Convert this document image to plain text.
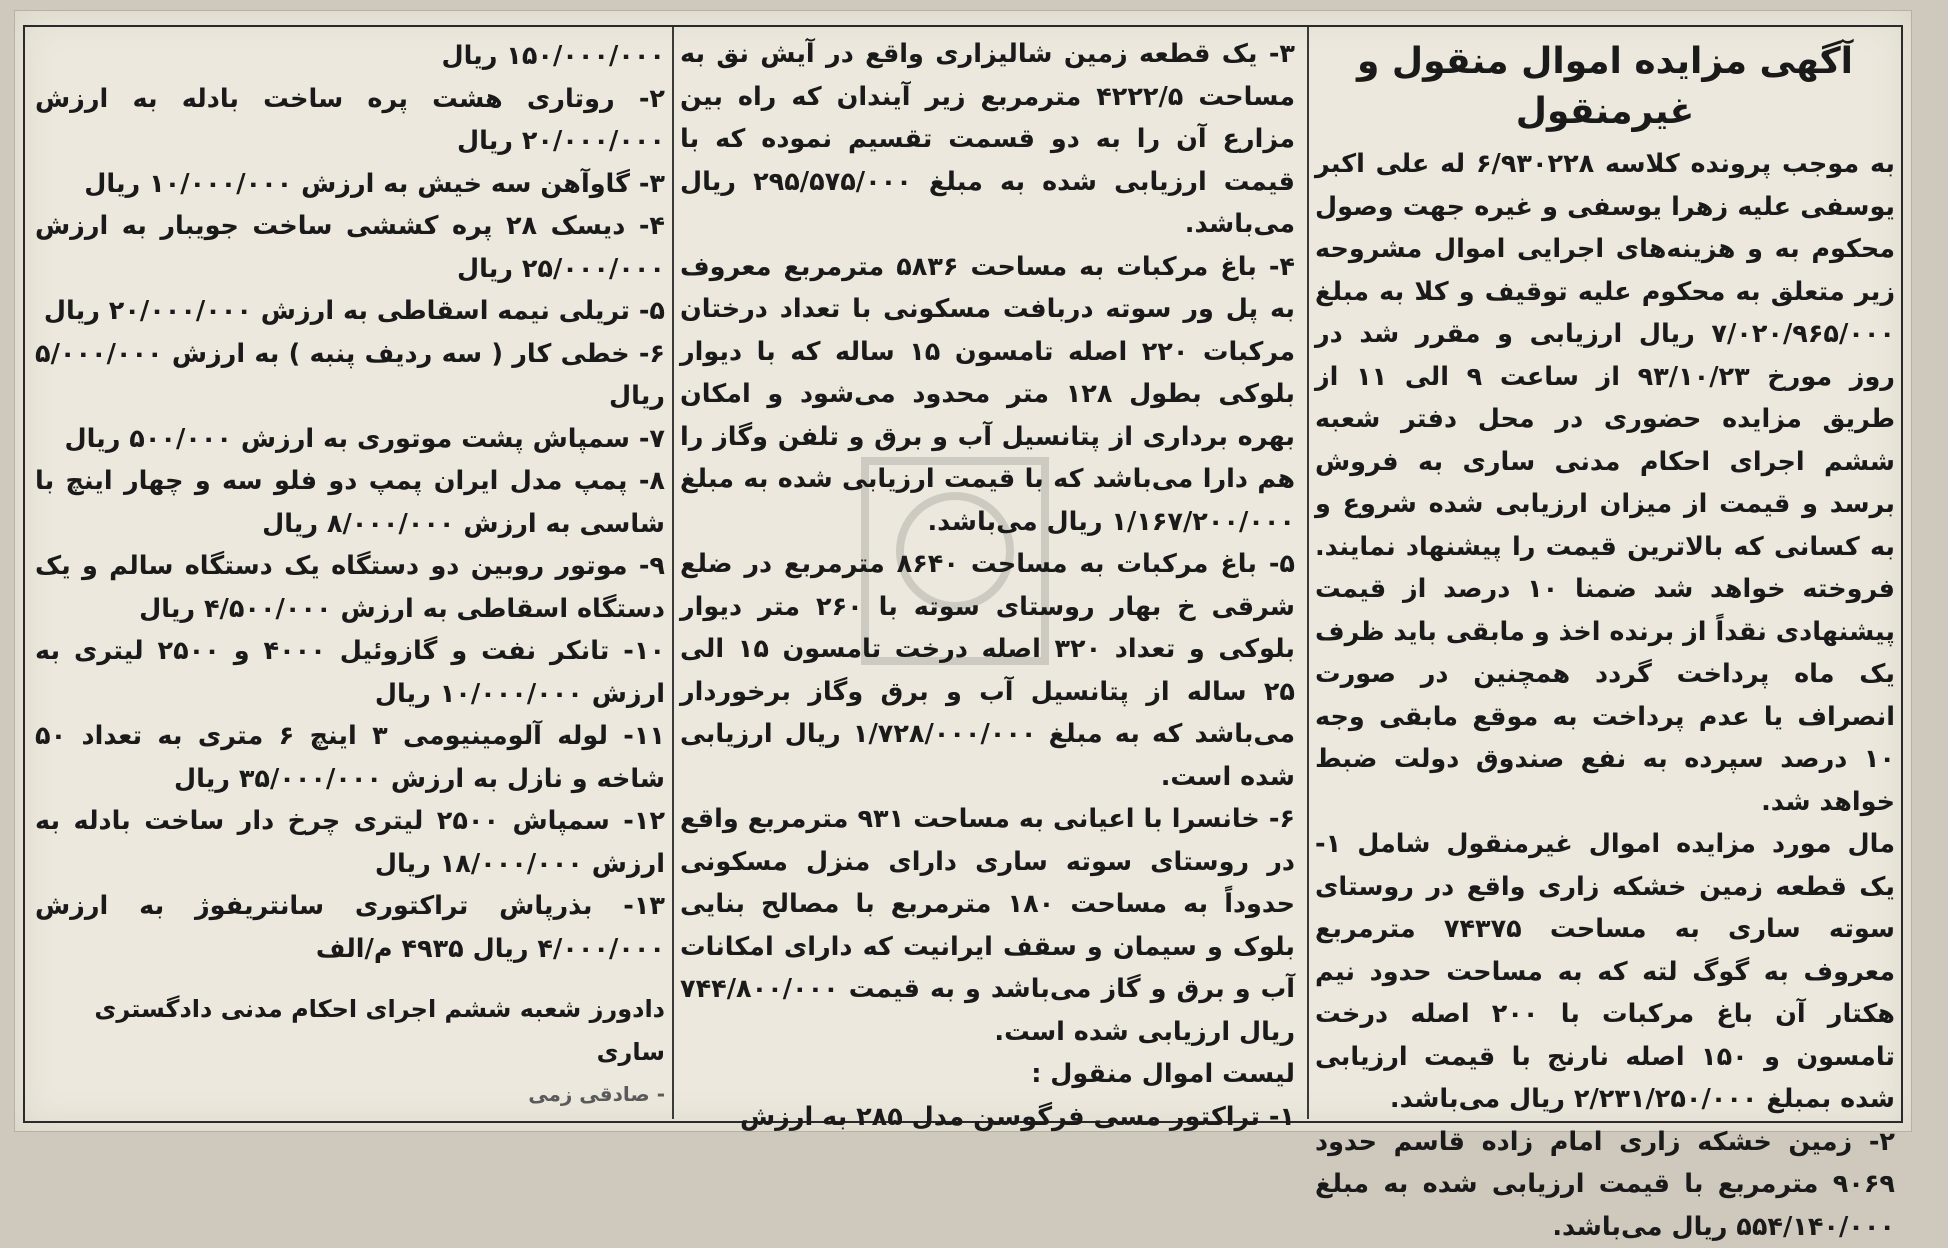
آگهی مزایده اموال منقول و غیرمنقول

به موجب پرونده کلاسه ۶/۹۳۰۲۲۸ له علی اکبر یوسفی علیه زهرا یوسفی و غیره جهت وصول محکوم به و هزینه‌های اجرایی اموال مشروحه زیر متعلق به محکوم علیه توقیف و کلا به مبلغ ۷/۰۲۰/۹۶۵/۰۰۰ ریال ارزیابی و مقرر شد در روز مورخ ۹۳/۱۰/۲۳ از ساعت ۹ الی ۱۱ از طریق مزایده حضوری در محل دفتر شعبه ششم اجرای احکام مدنی ساری به فروش برسد و قیمت از میزان ارزیابی شده شروع و به کسانی که بالاترین قیمت را پیشنهاد نمایند. فروخته خواهد شد ضمنا ۱۰ درصد از قیمت پیشنهادی نقداً از برنده اخذ و مابقی باید ظرف یک ماه پرداخت گردد همچنین در صورت انصراف یا عدم پرداخت به موقع مابقی وجه ۱۰ درصد سپرده به نفع صندوق دولت ضبط خواهد شد.

مال مورد مزایده اموال غیرمنقول شامل ۱- یک قطعه زمین خشکه زاری واقع در روستای سوته ساری به مساحت ۷۴۳۷۵ مترمربع معروف به گوگ لته که به مساحت حدود نیم هکتار آن باغ مرکبات با ۲۰۰ اصله درخت تامسون و ۱۵۰ اصله نارنج با قیمت ارزیابی شده بمبلغ ۲/۲۳۱/۲۵۰/۰۰۰ ریال می‌باشد.

۲- زمین خشکه زاری امام زاده قاسم حدود ۹۰۶۹ مترمربع با قیمت ارزیابی شده به مبلغ ۵۵۴/۱۴۰/۰۰۰ ریال می‌باشد.

۳- یک قطعه زمین شالیزاری واقع در آیش نق به مساحت ۴۲۲۲/۵ مترمربع زیر آیندان که راه بین مزارع آن را به دو قسمت تقسیم نموده که با قیمت ارزیابی شده به مبلغ ۲۹۵/۵۷۵/۰۰۰ ریال می‌باشد.

۴- باغ مرکبات به مساحت ۵۸۳۶ مترمربع معروف به پل ور سوته دربافت مسکونی با تعداد درختان مرکبات ۲۲۰ اصله تامسون ۱۵ ساله که با دیوار بلوکی بطول ۱۲۸ متر محدود می‌شود و امکان بهره برداری از پتانسیل آب و برق و تلفن وگاز را هم دارا می‌باشد که با قیمت ارزیابی شده به مبلغ ۱/۱۶۷/۲۰۰/۰۰۰ ریال می‌باشد.

۵- باغ مرکبات به مساحت ۸۶۴۰ مترمربع در ضلع شرقی خ بهار روستای سوته با ۲۶۰ متر دیوار بلوکی و تعداد ۳۲۰ اصله درخت تامسون ۱۵ الی ۲۵ ساله از پتانسیل آب و برق وگاز برخوردار می‌باشد که به مبلغ ۱/۷۲۸/۰۰۰/۰۰۰ ریال ارزیابی شده است.

۶- خانسرا با اعیانی به مساحت ۹۳۱ مترمربع واقع در روستای سوته ساری دارای منزل مسکونی حدوداً به مساحت ۱۸۰ مترمربع با مصالح بنایی بلوک و سیمان و سقف ایرانیت که دارای امکانات آب و برق و گاز می‌باشد و به قیمت ۷۴۴/۸۰۰/۰۰۰ ریال ارزیابی شده است.

لیست اموال منقول :

۱- تراکتور مسی فرگوسن مدل ۲۸۵ به ارزش

۱۵۰/۰۰۰/۰۰۰ ریال

۲- روتاری هشت پره ساخت بادله به ارزش ۲۰/۰۰۰/۰۰۰ ریال

۳- گاوآهن سه خیش به ارزش ۱۰/۰۰۰/۰۰۰ ریال

۴- دیسک ۲۸ پره کششی ساخت جویبار به ارزش ۲۵/۰۰۰/۰۰۰ ریال

۵- تریلی نیمه اسقاطی به ارزش ۲۰/۰۰۰/۰۰۰ ریال

۶- خطی کار ( سه ردیف پنبه ) به ارزش ۵/۰۰۰/۰۰۰ ریال

۷- سمپاش پشت موتوری به ارزش ۵۰۰/۰۰۰ ریال

۸- پمپ مدل ایران پمپ دو فلو سه و چهار اینچ با شاسی به ارزش ۸/۰۰۰/۰۰۰ ریال

۹- موتور روبین دو دستگاه یک دستگاه سالم و یک دستگاه اسقاطی به ارزش ۴/۵۰۰/۰۰۰ ریال

۱۰- تانکر نفت و گازوئیل ۴۰۰۰ و ۲۵۰۰ لیتری به ارزش ۱۰/۰۰۰/۰۰۰ ریال

۱۱- لوله آلومینیومی ۳ اینچ ۶ متری به تعداد ۵۰ شاخه و نازل به ارزش ۳۵/۰۰۰/۰۰۰ ریال

۱۲- سمپاش ۲۵۰۰ لیتری چرخ دار ساخت بادله به ارزش ۱۸/۰۰۰/۰۰۰ ریال

۱۳- بذرپاش تراکتوری سانتریفوژ به ارزش ۴/۰۰۰/۰۰۰ ریال ۴۹۳۵ م/الف

دادورز شعبه ششم اجرای احکام مدنی دادگستری ساری

- صادقی زمی
